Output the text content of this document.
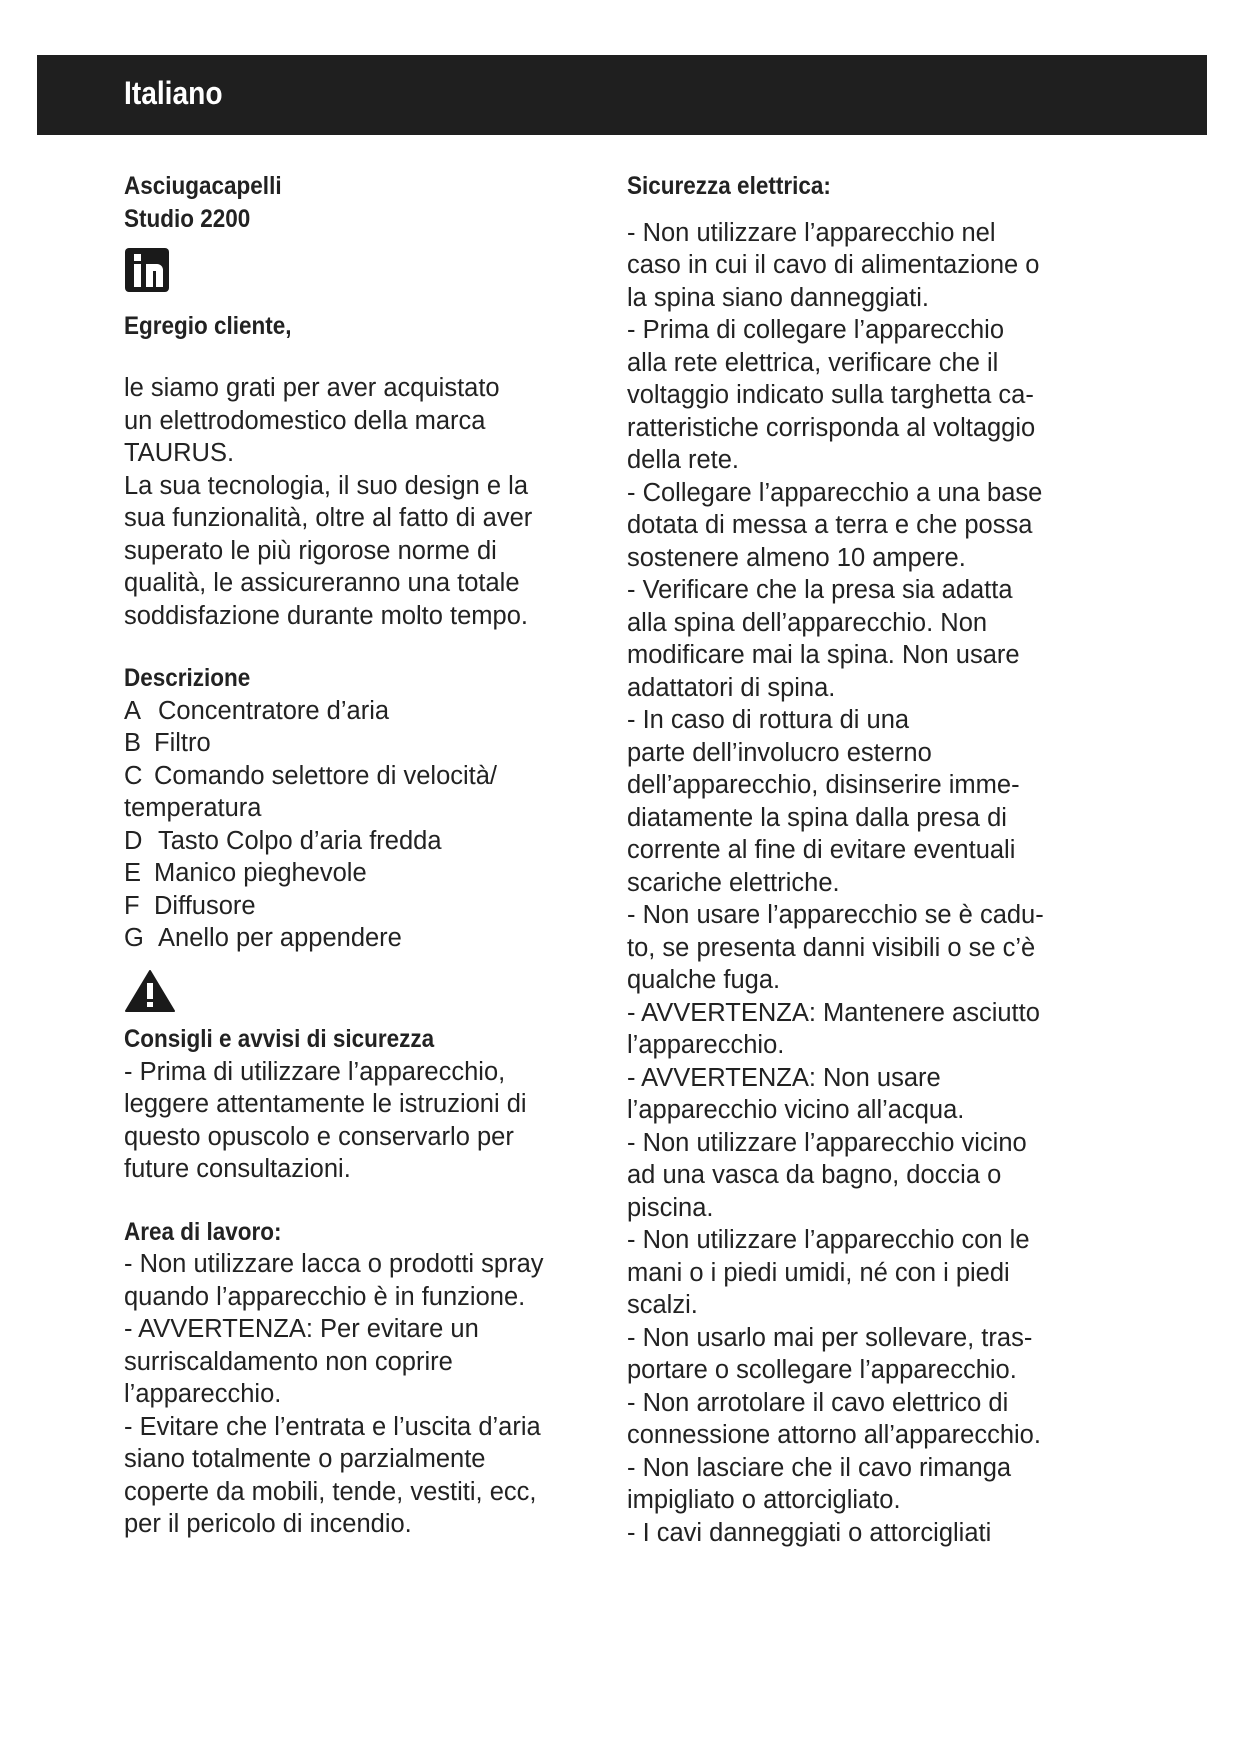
Italiano
Asciugacapelli
Studio 2200
Egregio cliente,
le siamo grati per aver acquistato
un elettrodomestico della marca
TAURUS.
La sua tecnologia, il suo design e la
sua funzionalità, oltre al fatto di aver
superato le più rigorose norme di
qualità, le assicureranno una totale
soddisfazione durante molto tempo.
Descrizione
A Concentratore d’aria
B Filtro
C Comando selettore di velocità/
temperatura
D Tasto Colpo d’aria fredda
E Manico pieghevole
F Diffusore
G Anello per appendere
Consigli e avvisi di sicurezza
- Prima di utilizzare l’apparecchio,
leggere attentamente le istruzioni di
questo opuscolo e conservarlo per
future consultazioni.
Area di lavoro:
- Non utilizzare lacca o prodotti spray
quando l’apparecchio è in funzione.
- AVVERTENZA: Per evitare un
surriscaldamento non coprire
l’apparecchio.
- Evitare che l’entrata e l’uscita d’aria
siano totalmente o parzialmente
coperte da mobili, tende, vestiti, ecc,
per il pericolo di incendio.
Sicurezza elettrica:
- Non utilizzare l’apparecchio nel
caso in cui il cavo di alimentazione o
la spina siano danneggiati.
- Prima di collegare l’apparecchio
alla rete elettrica, verificare che il
voltaggio indicato sulla targhetta ca-
ratteristiche corrisponda al voltaggio
della rete.
- Collegare l’apparecchio a una base
dotata di messa a terra e che possa
sostenere almeno 10 ampere.
- Verificare che la presa sia adatta
alla spina dell’apparecchio. Non
modificare mai la spina. Non usare
adattatori di spina.
- In caso di rottura di una
parte dell’involucro esterno
dell’apparecchio, disinserire imme-
diatamente la spina dalla presa di
corrente al fine di evitare eventuali
scariche elettriche.
- Non usare l’apparecchio se è cadu-
to, se presenta danni visibili o se c’è
qualche fuga.
- AVVERTENZA: Mantenere asciutto
l’apparecchio.
- AVVERTENZA: Non usare
l’apparecchio vicino all’acqua.
- Non utilizzare l’apparecchio vicino
ad una vasca da bagno, doccia o
piscina.
- Non utilizzare l’apparecchio con le
mani o i piedi umidi, né con i piedi
scalzi.
- Non usarlo mai per sollevare, tras-
portare o scollegare l’apparecchio.
- Non arrotolare il cavo elettrico di
connessione attorno all’apparecchio.
- Non lasciare che il cavo rimanga
impigliato o attorcigliato.
- I cavi danneggiati o attorcigliati
